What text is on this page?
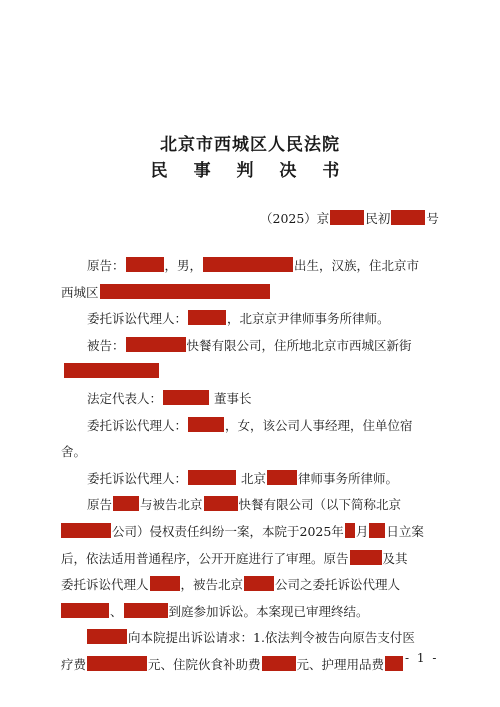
北京市西城区人民法院
民 事 判 决 书
（2025）京	民初	号
原告：	，男，	出生，汉族，住北京市
西城区
委托诉讼代理人：	，北京京尹律师事务所律师。
被告：	快餐有限公司，住所地北京市西城区新街
法定代表人：	董事长
委托诉讼代理人：	，女，该公司人事经理，住单位宿
舍。
委托诉讼代理人：	北京	律师事务所律师。
原告 与被告北京	快餐有限公司（以下简称北京
公司）侵权责任纠纷一案，本院于2025年 月 日立案
后，依法适用普通程序，公开开庭进行了审理。原告	及其
委托诉讼代理人	，被告北京	公司之委托诉讼代理人
、	到庭参加诉讼。本案现已审理终结。
向本院提出诉讼请求：1.依法判令被告向原告支付医
疗费	元、住院伙食补助费	元、护理用品费	- 1 -
